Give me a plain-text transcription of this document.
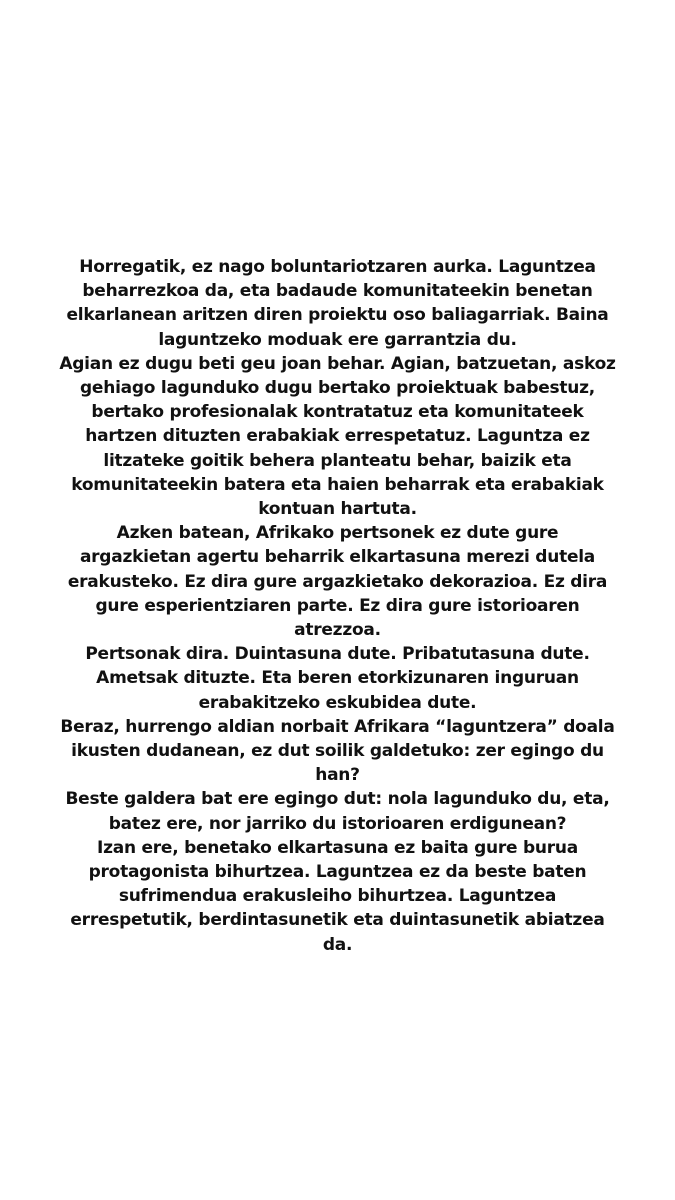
Horregatik, ez nago boluntariotzaren aurka. Laguntzea
beharrezkoa da, eta badaude komunitateekin benetan
elkarlanean aritzen diren proiektu oso baliagarriak. Baina
laguntzeko moduak ere garrantzia du.
Agian ez dugu beti geu joan behar. Agian, batzuetan, askoz
gehiago lagunduko dugu bertako proiektuak babestuz,
bertako profesionalak kontratatuz eta komunitateek
hartzen dituzten erabakiak errespetatuz. Laguntza ez
litzateke goitik behera planteatu behar, baizik eta
komunitateekin batera eta haien beharrak eta erabakiak
kontuan hartuta.
Azken batean, Afrikako pertsonek ez dute gure
argazkietan agertu beharrik elkartasuna merezi dutela
erakusteko. Ez dira gure argazkietako dekorazioa. Ez dira
gure esperientziaren parte. Ez dira gure istorioaren
atrezzoa.
Pertsonak dira. Duintasuna dute. Pribatutasuna dute.
Ametsak dituzte. Eta beren etorkizunaren inguruan
erabakitzeko eskubidea dute.
Beraz, hurrengo aldian norbait Afrikara “laguntzera” doala
ikusten dudanean, ez dut soilik galdetuko: zer egingo du
han?
Beste galdera bat ere egingo dut: nola lagunduko du, eta,
batez ere, nor jarriko du istorioaren erdigunean?
Izan ere, benetako elkartasuna ez baita gure burua
protagonista bihurtzea. Laguntzea ez da beste baten
sufrimendua erakusleiho bihurtzea. Laguntzea
errespetutik, berdintasunetik eta duintasunetik abiatzea
da.
